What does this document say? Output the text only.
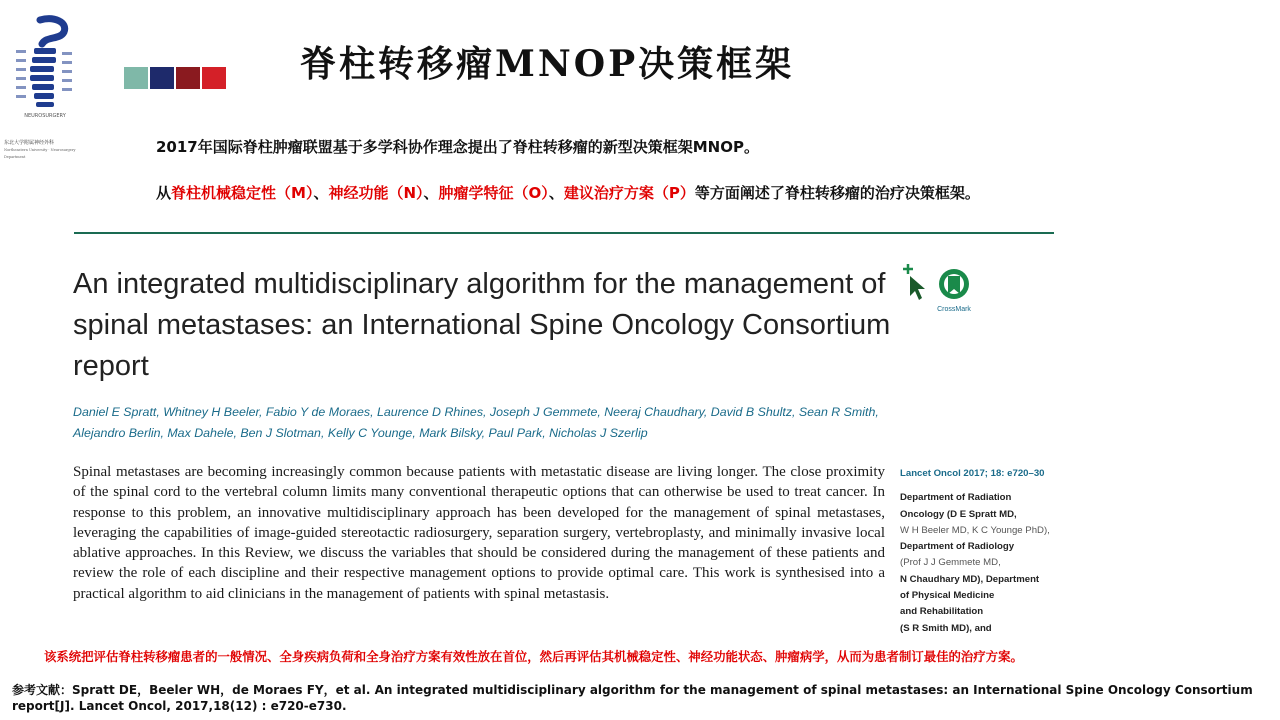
NEUROSURGERY
东北大学附属神经外科
Northeastern University · Neurosurgery Department
脊柱转移瘤MNOP决策框架
2017年国际脊柱肿瘤联盟基于多学科协作理念提出了脊柱转移瘤的新型决策框架MNOP。
从脊柱机械稳定性（M）、神经功能（N）、肿瘤学特征（O）、建议治疗方案（P）等方面阐述了脊柱转移瘤的治疗决策框架。
An integrated multidisciplinary algorithm for the management of spinal metastases: an International Spine Oncology Consortium report
CrossMark
Daniel E Spratt, Whitney H Beeler, Fabio Y de Moraes, Laurence D Rhines, Joseph J Gemmete, Neeraj Chaudhary, David B Shultz, Sean R Smith, Alejandro Berlin, Max Dahele, Ben J Slotman, Kelly C Younge, Mark Bilsky, Paul Park, Nicholas J Szerlip
Spinal metastases are becoming increasingly common because patients with metastatic disease are living longer. The close proximity of the spinal cord to the vertebral column limits many conventional therapeutic options that can otherwise be used to treat cancer. In response to this problem, an innovative multidisciplinary approach has been developed for the management of spinal metastases, leveraging the capabilities of image-guided stereotactic radiosurgery, separation surgery, vertebroplasty, and minimally invasive local ablative approaches. In this Review, we discuss the variables that should be considered during the management of these patients and review the role of each discipline and their respective management options to provide optimal care. This work is synthesised into a practical algorithm to aid clinicians in the management of patients with spinal metastasis.
Lancet Oncol 2017; 18: e720–30
Department of Radiation
Oncology (D E Spratt MD,
W H Beeler MD, K C Younge PhD),
Department of Radiology
(Prof J J Gemmete MD,
N Chaudhary MD), Department
of Physical Medicine
and Rehabilitation
(S R Smith MD), and
该系统把评估脊柱转移瘤患者的一般情况、全身疾病负荷和全身治疗方案有效性放在首位，然后再评估其机械稳定性、神经功能状态、肿瘤病学，从而为患者制订最佳的治疗方案。
参考文献：Spratt DE，Beeler WH，de Moraes FY，et al. An integrated multidisciplinary algorithm for the management of spinal metastases: an International Spine Oncology Consortium report[J]. Lancet Oncol, 2017,18(12) : e720-e730.
